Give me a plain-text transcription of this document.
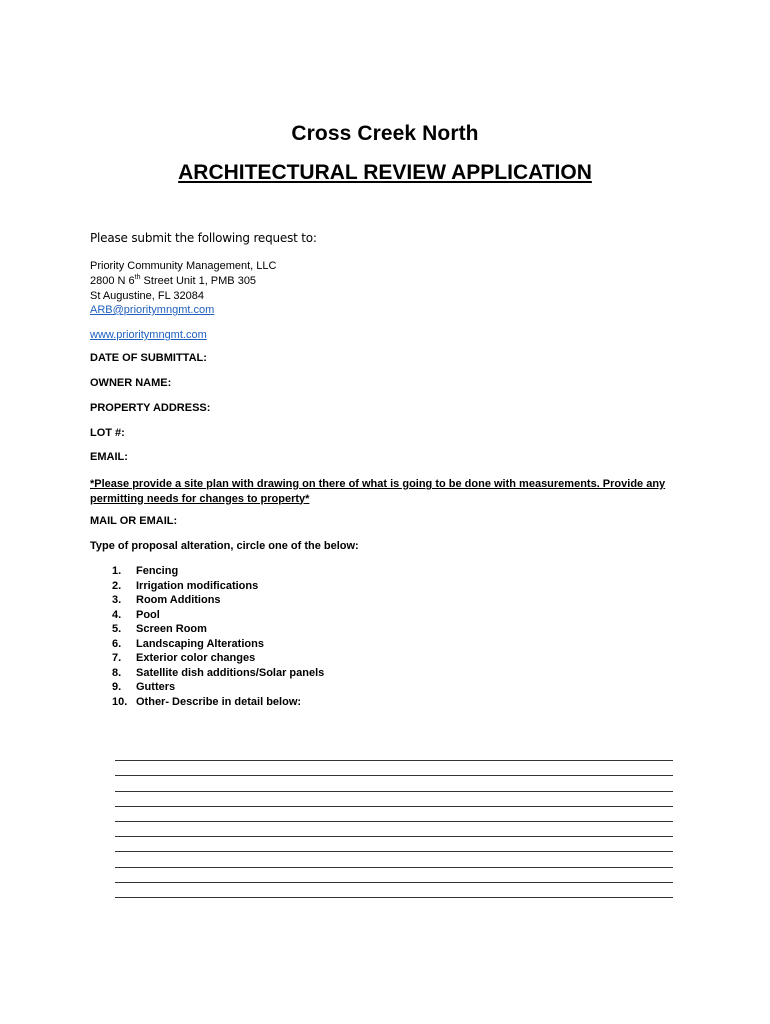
Cross Creek North
ARCHITECTURAL REVIEW APPLICATION
Please submit the following request to:
Priority Community Management, LLC
2800 N 6th Street Unit 1, PMB 305
St Augustine, FL 32084
ARB@prioritymngmt.com
www.prioritymngmt.com
DATE OF SUBMITTAL:
OWNER NAME:
PROPERTY ADDRESS:
LOT #:
EMAIL:
*Please provide a site plan with drawing on there of what is going to be done with measurements. Provide any permitting needs for changes to property*
MAIL OR EMAIL:
Type of proposal alteration, circle one of the below:
1.	Fencing
2.	Irrigation modifications
3.	Room Additions
4.	Pool
5.	Screen Room
6.	Landscaping Alterations
7.	Exterior color changes
8.	Satellite dish additions/Solar panels
9.	Gutters
10. Other- Describe in detail below:
